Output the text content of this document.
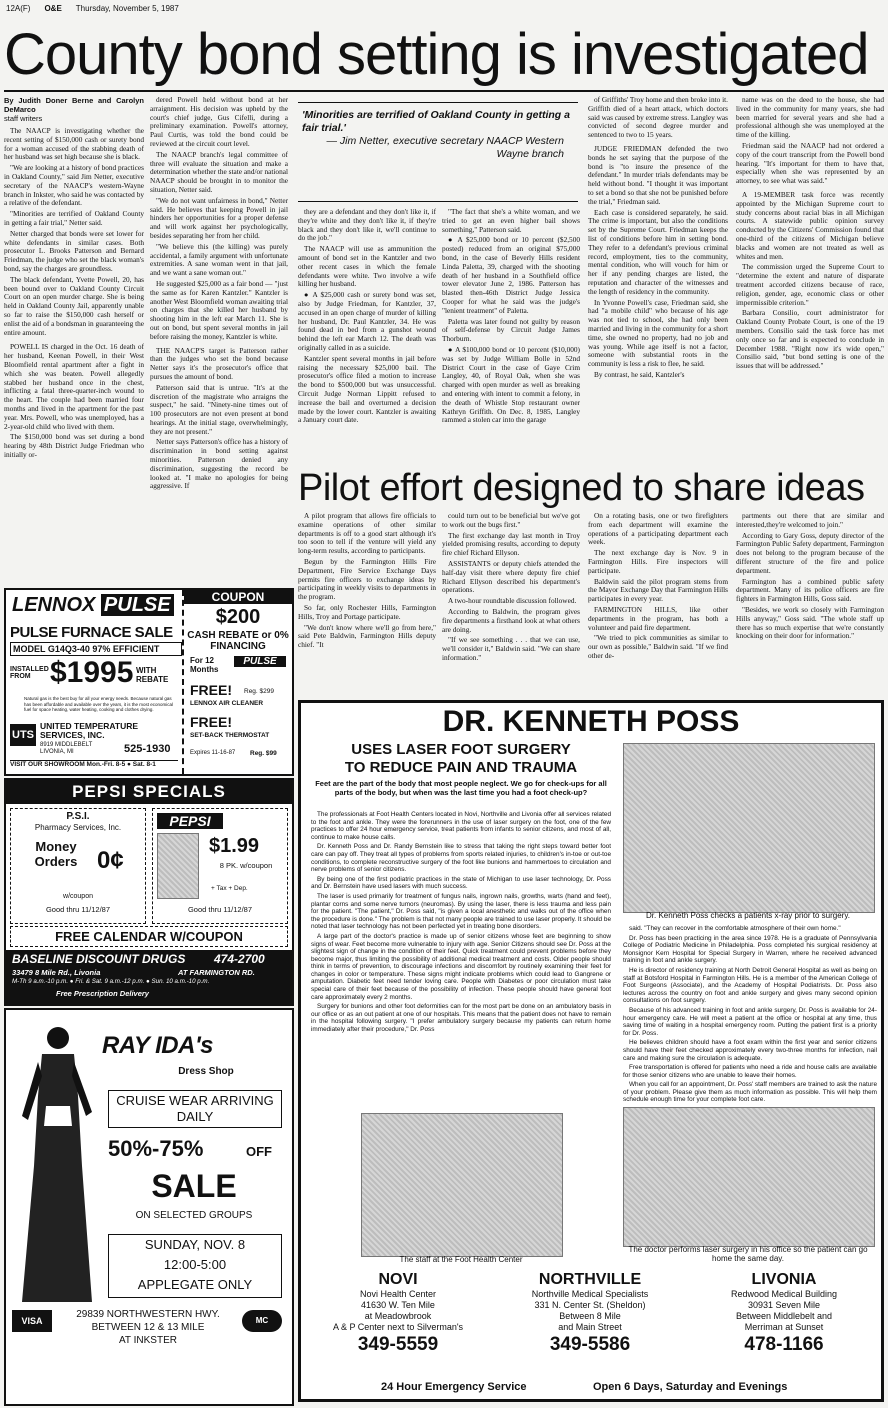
12A(F) O&E Thursday, November 5, 1987
County bond setting is investigated
By Judith Doner Berne and Carolyn DeMarco
staff writers

The NAACP is investigating whether the recent setting of $150,000 cash or surety bond for a woman accused of the stabbing death of her husband was set high because she is black.

"We are looking at a history of bond practices in Oakland County," said Jim Netter, executive secretary of the NAACP's western-Wayne branch in Inkster, who said he was contacted by a relative of the defendant.

"Minorities are terrified of Oakland County in getting a fair trial," Netter said.

Netter charged that bonds were set lower for white defendants in similar cases. Both prosecutor L. Brooks Patterson and Bernard Friedman, the judge who set the black woman's bond, say the charges are groundless.

The black defendant, Yvette Powell, 20, has been bound over to Oakland County Circuit Court on an open murder charge. She is being held in Oakland County Jail, apparently unable so far to raise the $150,000 cash herself or enlist the aid of a bondsman in guaranteeing the entire amount.

POWELL IS charged in the Oct. 16 death of her husband, Keenan Powell, in their West Bloomfield rental apartment after a fight in which she was beaten. Powell allegedly stabbed her husband once in the chest, inflicting a fatal three-quarter-inch wound to the heart. The couple had been married four months and lived in the apartment for the past year. Mrs. Powell, who was unemployed, has a 2-year-old child who lived with them.

The $150,000 bond was set during a bond hearing by 48th District Judge Friedman who initially or-

dered Powell held without bond at her arraignment. His decision was upheld by the court's chief judge, Gus Cifelli, during a preliminary examination. Powell's attorney, Paul Curtis, was told the bond could be reviewed at the circuit court level.

The NAACP branch's legal committee of three will evaluate the situation and make a determination whether the state and/or national NAACP should be brought in to monitor the situation, Netter said.

"We do not want unfairness in bond," Netter said. He believes that keeping Powell in jail hinders her opportunities for a proper defense and will work against her psychologically, besides separating her from her child.

"We believe this (the killing) was purely accidental, a family argument with unfortunate extremities. A sane woman went in that jail, and we want a sane woman out."

He suggested $25,000 as a fair bond — "just the same as for Karen Kantzler." Kantzler is another West Bloomfield woman awaiting trial on charges that she killed her husband by shooting him in the left ear March 11. She is out on bond, but spent several months in jail before raising the money, Kantzler is white.

THE NAACP'S target is Patterson rather than the judges who set the bond because Netter says it's the prosecutor's office that pursues the amount of bond.

Patterson said that is untrue. "It's at the discretion of the magistrate who arraigns the suspect," he said. "Ninety-nine times out of 100 prosecutors are not even present at bond hearings. At the initial stage, overwhelmingly, they are not present."

Netter says Patterson's office has a history of discrimination in bond setting against minorities. Patterson denied any discrimination, suggesting the record be looked at. "I make no apologies for being aggressive. If

'Minorities are terrified of Oakland County in getting a fair trial.'
— Jim Netter, executive secretary NAACP Western Wayne branch

they are a defendant and they don't like it, if they're white and they don't like it, if they're black and they don't like it, we'll continue to do the job."

The NAACP will use as ammunition the amount of bond set in the Kantzler and two other recent cases in which the female defendants were white. Two involve a wife killing her husband.

● A $25,000 cash or surety bond was set, also by Judge Friedman, for Kantzler, 37, accused in an open charge of murder of killing her husband, Dr. Paul Kantzler, 34. He was found dead in bed from a gunshot wound behind the left ear March 12. The death was originally called in as a suicide.

Kantzler spent several months in jail before raising the necessary $25,000 bail. The prosecutor's office filed a motion to increase the bond to $500,000 but was unsuccessful. Circuit Judge Norman Lippitt refused to increase the bail and overturned a decision made by the lower court. Kantzler is awaiting a January court date.

"The fact that she's a white woman, and we tried to get an even higher bail shows something," Patterson said.

● A $25,000 bond or 10 percent ($2,500 posted) reduced from an original $75,000 bond, in the case of Beverly Hills resident Linda Paletta, 39, charged with the shooting death of her husband in a Southfield office tower elevator June 2, 1986. Patterson has blasted then-46th District Judge Jessica Cooper for what he said was the judge's "lenient treatment" of Paletta.

Paletta was later found not guilty by reason of self-defense by Circuit Judge James Thorburn.

● A $100,000 bond or 10 percent ($10,000) was set by Judge William Bolle in 52nd District Court in the case of Gaye Crim Langley, 40, of Royal Oak, when she was charged with open murder as well as breaking and entering with intent to commit a felony, in the death of Whistle Stop restaurant owner Kathryn Griffith. On Dec. 8, 1985, Langley rammed a stolen car into the garage

of Griffiths' Troy home and then broke into it. Griffith died of a heart attack, which doctors said was caused by extreme stress. Langley was convicted of second degree murder and sentenced to two to 15 years.

JUDGE FRIEDMAN defended the two bonds he set saying that the purpose of the bond is "to insure the presence of the defendant." In murder trials defendants may be held without bond. "I thought it was important to set a bond so that she not be punished before the trial," Friedman said.

Each case is considered separately, he said. The crime is important, but also the conditions set by the Supreme Court. Friedman keeps the list of conditions before him in setting bond. They refer to a defendant's previous criminal record, employment, ties to the community, mental condition, who will vouch for him or her if any pending charges are listed, the reputation and character of the witnesses and the length of residency in the community.

In Yvonne Powell's case, Friedman said, she had "a mobile child" who because of his age was not tied to school, she had only been married and living in the community for a short time, she owned no property, had no job and was young. While age itself is not a factor, someone with substantial roots in the community is less a risk to flee, he said.

By contrast, he said, Kantzler's

name was on the deed to the house, she had lived in the community for many years, she had been married for several years and she had a professional although she was unemployed at the time of the killing.

Friedman said the NAACP had not ordered a copy of the court transcript from the Powell bond hearing. "It's important for them to have that, especially when she was represented by an attorney, to see what was said."

A 19-MEMBER task force was recently appointed by the Michigan Supreme court to study concerns about racial bias in all Michigan courts. A statewide public opinion survey conducted by the Citizens' Commission found that one-third of the citizens of Michigan believe blacks and women are not treated as well as whites and men.

The commission urged the Supreme Court to "determine the extent and nature of disparate treatment accorded citizens because of race, religion, gender, age, economic class or other impermissible criterion."

Barbara Consilio, court administrator for Oakland County Probate Court, is one of the 19 members. Consilio said the task force has met only once so far and is expected to conclude in December 1988. "Right now it's wide open," Consilio said, "but bond setting is one of the issues that will be addressed."

Pilot effort designed to share ideas

A pilot program that allows fire officials to examine operations of other similar departments is off to a good start although it's too soon to tell if the venture will yield any long-term results, according to participants.

Begun by the Farmington Hills Fire Department, Fire Service Exchange Days permits fire officers to exchange ideas by participating in weekly visits to departments in the program.

So far, only Rochester Hills, Farmington Hills, Troy and Portage participate.

"We don't know where we'll go from here," said Pete Baldwin, Farmington Hills deputy chief. "It

could turn out to be beneficial but we've got to work out the bugs first."

The first exchange day last month in Troy yielded promising results, according to deputy fire chief Richard Ellyson.

ASSISTANTS or deputy chiefs attended the half-day visit there where deputy fire chief Richard Ellyson described his department's operations.

A two-hour roundtable discussion followed.

According to Baldwin, the program gives fire departments a firsthand look at what others are doing.

"If we see something . . . that we can use, we'll consider it," Baldwin said. "We can share information."

On a rotating basis, one or two firefighters from each department will examine the operations of a participating department each week.

The next exchange day is Nov. 9 in Farmington Hills. Fire inspectors will participate.

Baldwin said the pilot program stems from the Mayor Exchange Day that Farmington Hills participates in every year.

FARMINGTON HILLS, like other departments in the program, has both a volunteer and paid fire department.

"We tried to pick communities as similar to our own as possible," Baldwin said. "If we find other de-

partments out there that are similar and interested,they're welcomed to join."

According to Gary Goss, deputy director of the Farmington Public Safety department, Farmington does not belong to the program because of the different structure of the fire and police department.

Farmington has a combined public safety department. Many of its police officers are fire fighters in Farmington Hills, Goss said.

"Besides, we work so closely with Farmington Hills anyway," Goss said. "The whole staff up there has so much expertise that we're constantly knocking on their door for information."

LENNOX PULSE
PULSE FURNACE SALE
MODEL G14Q3-40 97% EFFICIENT
INSTALLED FROM $1995 WITH REBATE
Natural gas is the best buy for all your energy needs. Because natural gas has been affordable and available over the years, it is the most economical fuel for space heating, water heating, cooking and clothes drying.
UTS
UNITED TEMPERATURE SERVICES, INC.
8919 MIDDLEBELT
LIVONIA, MI	525-1930
VISIT OUR SHOWROOM Mon.-Fri. 8-5 ● Sat. 8-1
COUPON
$200
CASH REBATE or 0% FINANCING
For 12 Months
PULSE
FREE!
LENNOX AIR CLEANER
Reg. $299
FREE!
SET-BACK THERMOSTAT
Expires 11-16-87 Reg. $99
PEPSI SPECIALS
P.S.I.
Pharmacy Services, Inc.
Money Orders 0¢
w/coupon
Good thru 11/12/87
PEPSI
$1.99
8 PK. w/coupon
+ Tax + Dep.
Good thru 11/12/87
FREE CALENDAR W/COUPON
BASELINE DISCOUNT DRUGS 474-2700
33479 8 Mile Rd., Livonia	AT FARMINGTON RD.
M-Th 9 a.m.-10 p.m. ● Fri. & Sat. 9 a.m.-12 p.m. ● Sun. 10 a.m.-10 p.m.
Free Prescription Delivery
RAY IDA's
Dress Shop
CRUISE WEAR ARRIVING DAILY
50%-75%	OFF
SALE
ON SELECTED GROUPS
SUNDAY, NOV. 8
12:00-5:00
APPLEGATE ONLY
VISA	MC
29839 NORTHWESTERN HWY.
BETWEEN 12 & 13 MILE
AT INKSTER
DR. KENNETH POSS
USES LASER FOOT SURGERY
TO REDUCE PAIN AND TRAUMA
Feet are the part of the body that most people neglect. We go for check-ups for all parts of the body, but when was the last time you had a foot check-up?
Dr. Kenneth Poss checks a patients x-ray prior to surgery.

The professionals at Foot Health Centers located in Novi, Northville and Livonia offer all services related to the foot and ankle. They were the forerunners in the use of laser surgery on the foot, one of the few practices to offer 24 hour emergency service, treat patients from infants to senior citizens, and most of all, continue to make house calls.

Dr. Kenneth Poss and Dr. Randy Bernstein like to stress that taking the right steps toward better foot care can pay off. They treat all types of problems from sports related injuries, to children's in-toe or out-toe conditions, to complete reconstructive surgery of the foot like bunions and hammertoes to circulation and nerve problems of senior citizens.

By being one of the first podiatric practices in the state of Michigan to use laser technology, Dr. Poss and Dr. Bernstein have used lasers with much success.

The laser is used primarily for treatment of fungus nails, ingrown nails, growths, warts (hand and feet), plantar corns and some nerve tumors (neuromas). By using the laser, there is less trauma and less pain for the patient. "The patient," Dr. Poss said, "is given a local anesthetic and walks out of the office when the procedure is done." The problem is that not many people are trained to use laser properly. It should be noted that laser technology has not been perfected yet in treating bone disorders.

A large part of the doctor's practice is made up of senior citizens whose feet are beginning to show signs of wear. Feet become more vulnerable to injury with age. Senior Citizens should see Dr. Poss at the slightest sign of change in the condition of their feet. Quick treatment could prevent problems before they become major, thus limiting the possibility of additional medical treatment and costs. Older people should think in terms of prevention, to discourage infections and discomfort by routinely examining their feet for changes in color or temperature. These signs might indicate problems which could lead to Gangrene or amputation. Diabetic feet need tender loving care. People with Diabetes or poor circulation must take special care of their feet because of the possibility of infection. These people should have general foot care approximately every 2 months.

Surgery for bunions and other foot deformities can for the most part be done on an ambulatory basis in our office or as an out patient at one of our hospitals. This means that the patient does not have to remain in the hospital following surgery. "I prefer ambulatory surgery because my patients can return home immediately after their procedure," Dr. Poss

said. "They can recover in the comfortable atmosphere of their own home."

Dr. Poss has been practicing in the area since 1978. He is a graduate of Pennsylvania College of Podiatric Medicine in Philadelphia. Poss completed his surgical residency at Monsignor Kern Hospital for Special Surgery in Warren, where he received advanced training in foot and ankle surgery.

He is director of residency training at North Detroit General Hospital as well as being on staff at Botsford Hospital in Farmington Hills. He is a member of the American College of Foot Surgeons (Associate), and the Academy of Hospital Podiatrists. Dr. Poss also lectures across the country on foot and ankle surgery and gives many second opinion consultations on foot surgery.

Because of his advanced training in foot and ankle surgery, Dr. Poss is available for 24-hour emergency care. He will meet a patient at the office or hospital at any time, thus saving time of waiting in a hospital emergency room. Putting the patient first is a priority for Dr. Poss.

He believes children should have a foot exam within the first year and senior citizens should have their feet checked approximately every two-three months for infection, nail care and making sure the circulation is adequate.

Free transportation is offered for patients who need a ride and house calls are available for those senior citizens who are unable to leave their homes.

When you call for an appointment, Dr. Poss' staff members are trained to ask the nature of your problem. Please give them as much information as possible. This will help them schedule enough time for your complete foot care.

The staff at the Foot Health Center
The doctor performs laser surgery in his office so the patient can go home the same day.
NOVI
Novi Health Center
41630 W. Ten Mile
at Meadowbrook
A & P Center next to Silverman's
349-5559
NORTHVILLE
Northville Medical Specialists
331 N. Center St. (Sheldon)
Between 8 Mile
and Main Street
349-5586
LIVONIA
Redwood Medical Building
30931 Seven Mile
Between Middlebelt and
Merriman at Sunset
478-1166
24 Hour Emergency Service	Open 6 Days, Saturday and Evenings
